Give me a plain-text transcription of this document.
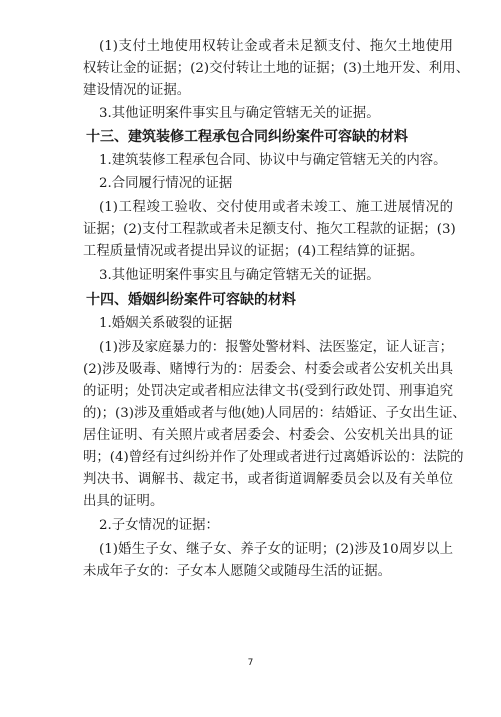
(1)支付土地使用权转让金或者未足额支付、拖欠土地使用
权转让金的证据；(2)交付转让土地的证据；(3)土地开发、利用、
建设情况的证据。
3.其他证明案件事实且与确定管辖无关的证据。
十三、建筑装修工程承包合同纠纷案件可容缺的材料
1.建筑装修工程承包合同、协议中与确定管辖无关的内容。
2.合同履行情况的证据
(1)工程竣工验收、交付使用或者未竣工、施工进展情况的
证据；(2)支付工程款或者未足额支付、拖欠工程款的证据；(3)
工程质量情况或者提出异议的证据；(4)工程结算的证据。
3.其他证明案件事实且与确定管辖无关的证据。
十四、婚姻纠纷案件可容缺的材料
1.婚姻关系破裂的证据
(1)涉及家庭暴力的：报警处警材料、法医鉴定，证人证言；
(2)涉及吸毒、赌博行为的：居委会、村委会或者公安机关出具
的证明；处罚决定或者相应法律文书(受到行政处罚、刑事追究
的)；(3)涉及重婚或者与他(她)人同居的：结婚证、子女出生证、
居住证明、有关照片或者居委会、村委会、公安机关出具的证
明；(4)曾经有过纠纷并作了处理或者进行过离婚诉讼的：法院的
判决书、调解书、裁定书，或者街道调解委员会以及有关单位
出具的证明。
2.子女情况的证据：
(1)婚生子女、继子女、养子女的证明；(2)涉及10周岁以上
未成年子女的：子女本人愿随父或随母生活的证据。
7
